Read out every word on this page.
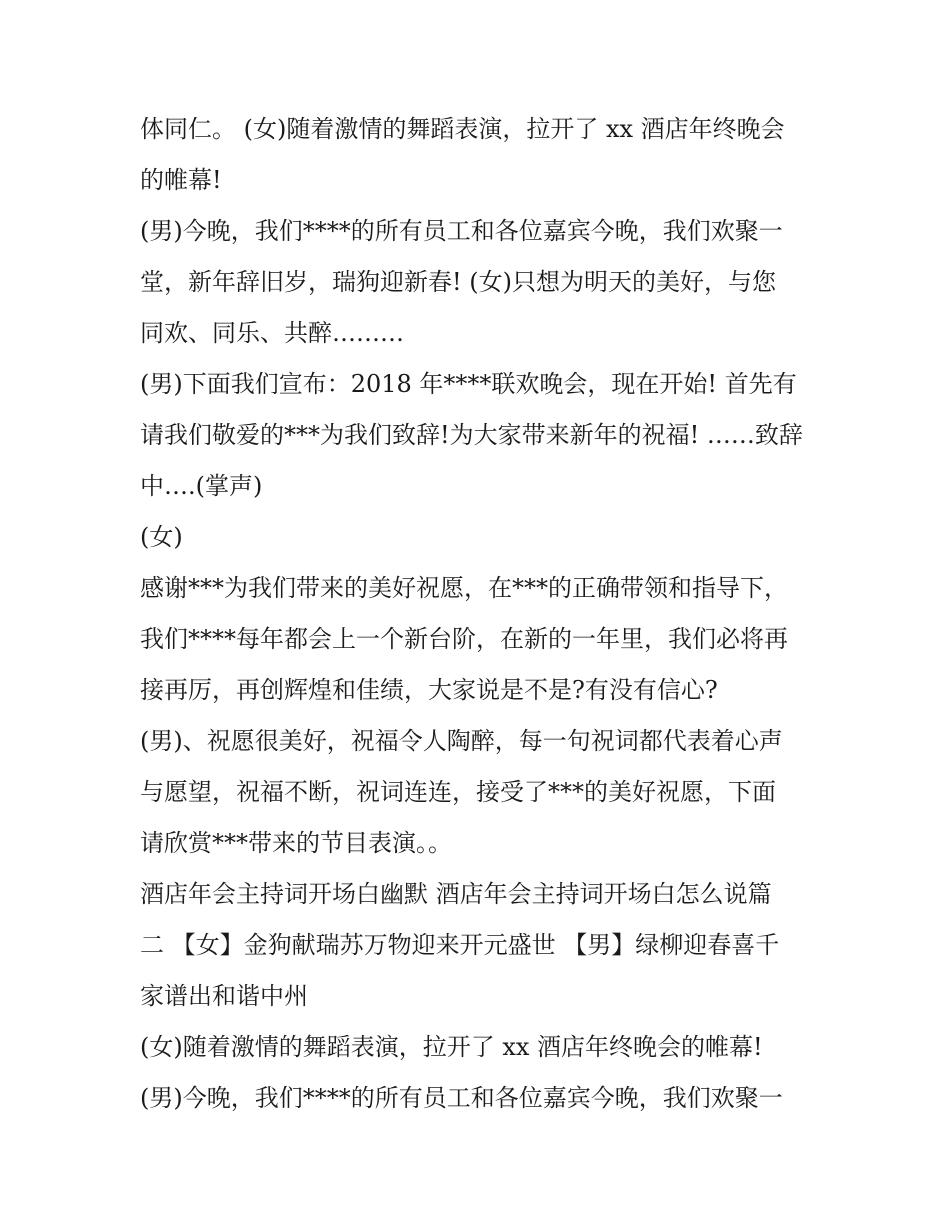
体同仁。 (女)随着激情的舞蹈表演，拉开了 xx 酒店年终晚会
的帷幕!
(男)今晚，我们****的所有员工和各位嘉宾今晚，我们欢聚一
堂，新年辞旧岁，瑞狗迎新春! (女)只想为明天的美好，与您
同欢、同乐、共醉………
(男)下面我们宣布：2018 年****联欢晚会，现在开始! 首先有
请我们敬爱的***为我们致辞!为大家带来新年的祝福! ……致辞
中….(掌声)
(女)
感谢***为我们带来的美好祝愿，在***的正确带领和指导下，
我们****每年都会上一个新台阶，在新的一年里，我们必将再
接再厉，再创辉煌和佳绩，大家说是不是?有没有信心?
(男)、祝愿很美好，祝福令人陶醉，每一句祝词都代表着心声
与愿望，祝福不断，祝词连连，接受了***的美好祝愿，下面
请欣赏***带来的节目表演。。
酒店年会主持词开场白幽默 酒店年会主持词开场白怎么说篇
二 【女】金狗献瑞苏万物迎来开元盛世 【男】绿柳迎春喜千
家谱出和谐中州
(女)随着激情的舞蹈表演，拉开了 xx 酒店年终晚会的帷幕!
(男)今晚，我们****的所有员工和各位嘉宾今晚，我们欢聚一
